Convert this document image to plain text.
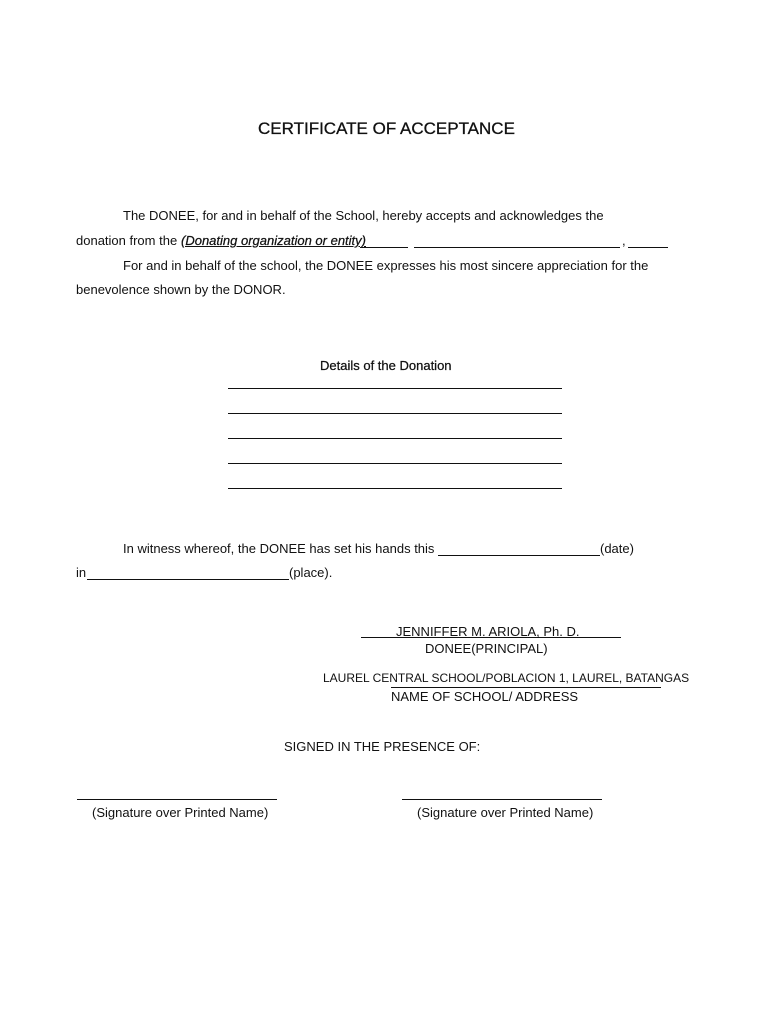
CERTIFICATE OF ACCEPTANCE
The DONEE, for and in behalf of the School, hereby accepts and acknowledges the
donation from the (Donating organization or entity)	,
For and in behalf of the school, the DONEE expresses his most sincere appreciation for the
benevolence shown by the DONOR.
Details of the Donation
In witness whereof, the DONEE has set his hands this	(date)
in	(place).
JENNIFFER M. ARIOLA, Ph. D.
DONEE(PRINCIPAL)
LAUREL CENTRAL SCHOOL/POBLACION 1, LAUREL, BATANGAS
NAME OF SCHOOL/ ADDRESS
SIGNED IN THE PRESENCE OF:
(Signature over Printed Name)	(Signature over Printed Name)
